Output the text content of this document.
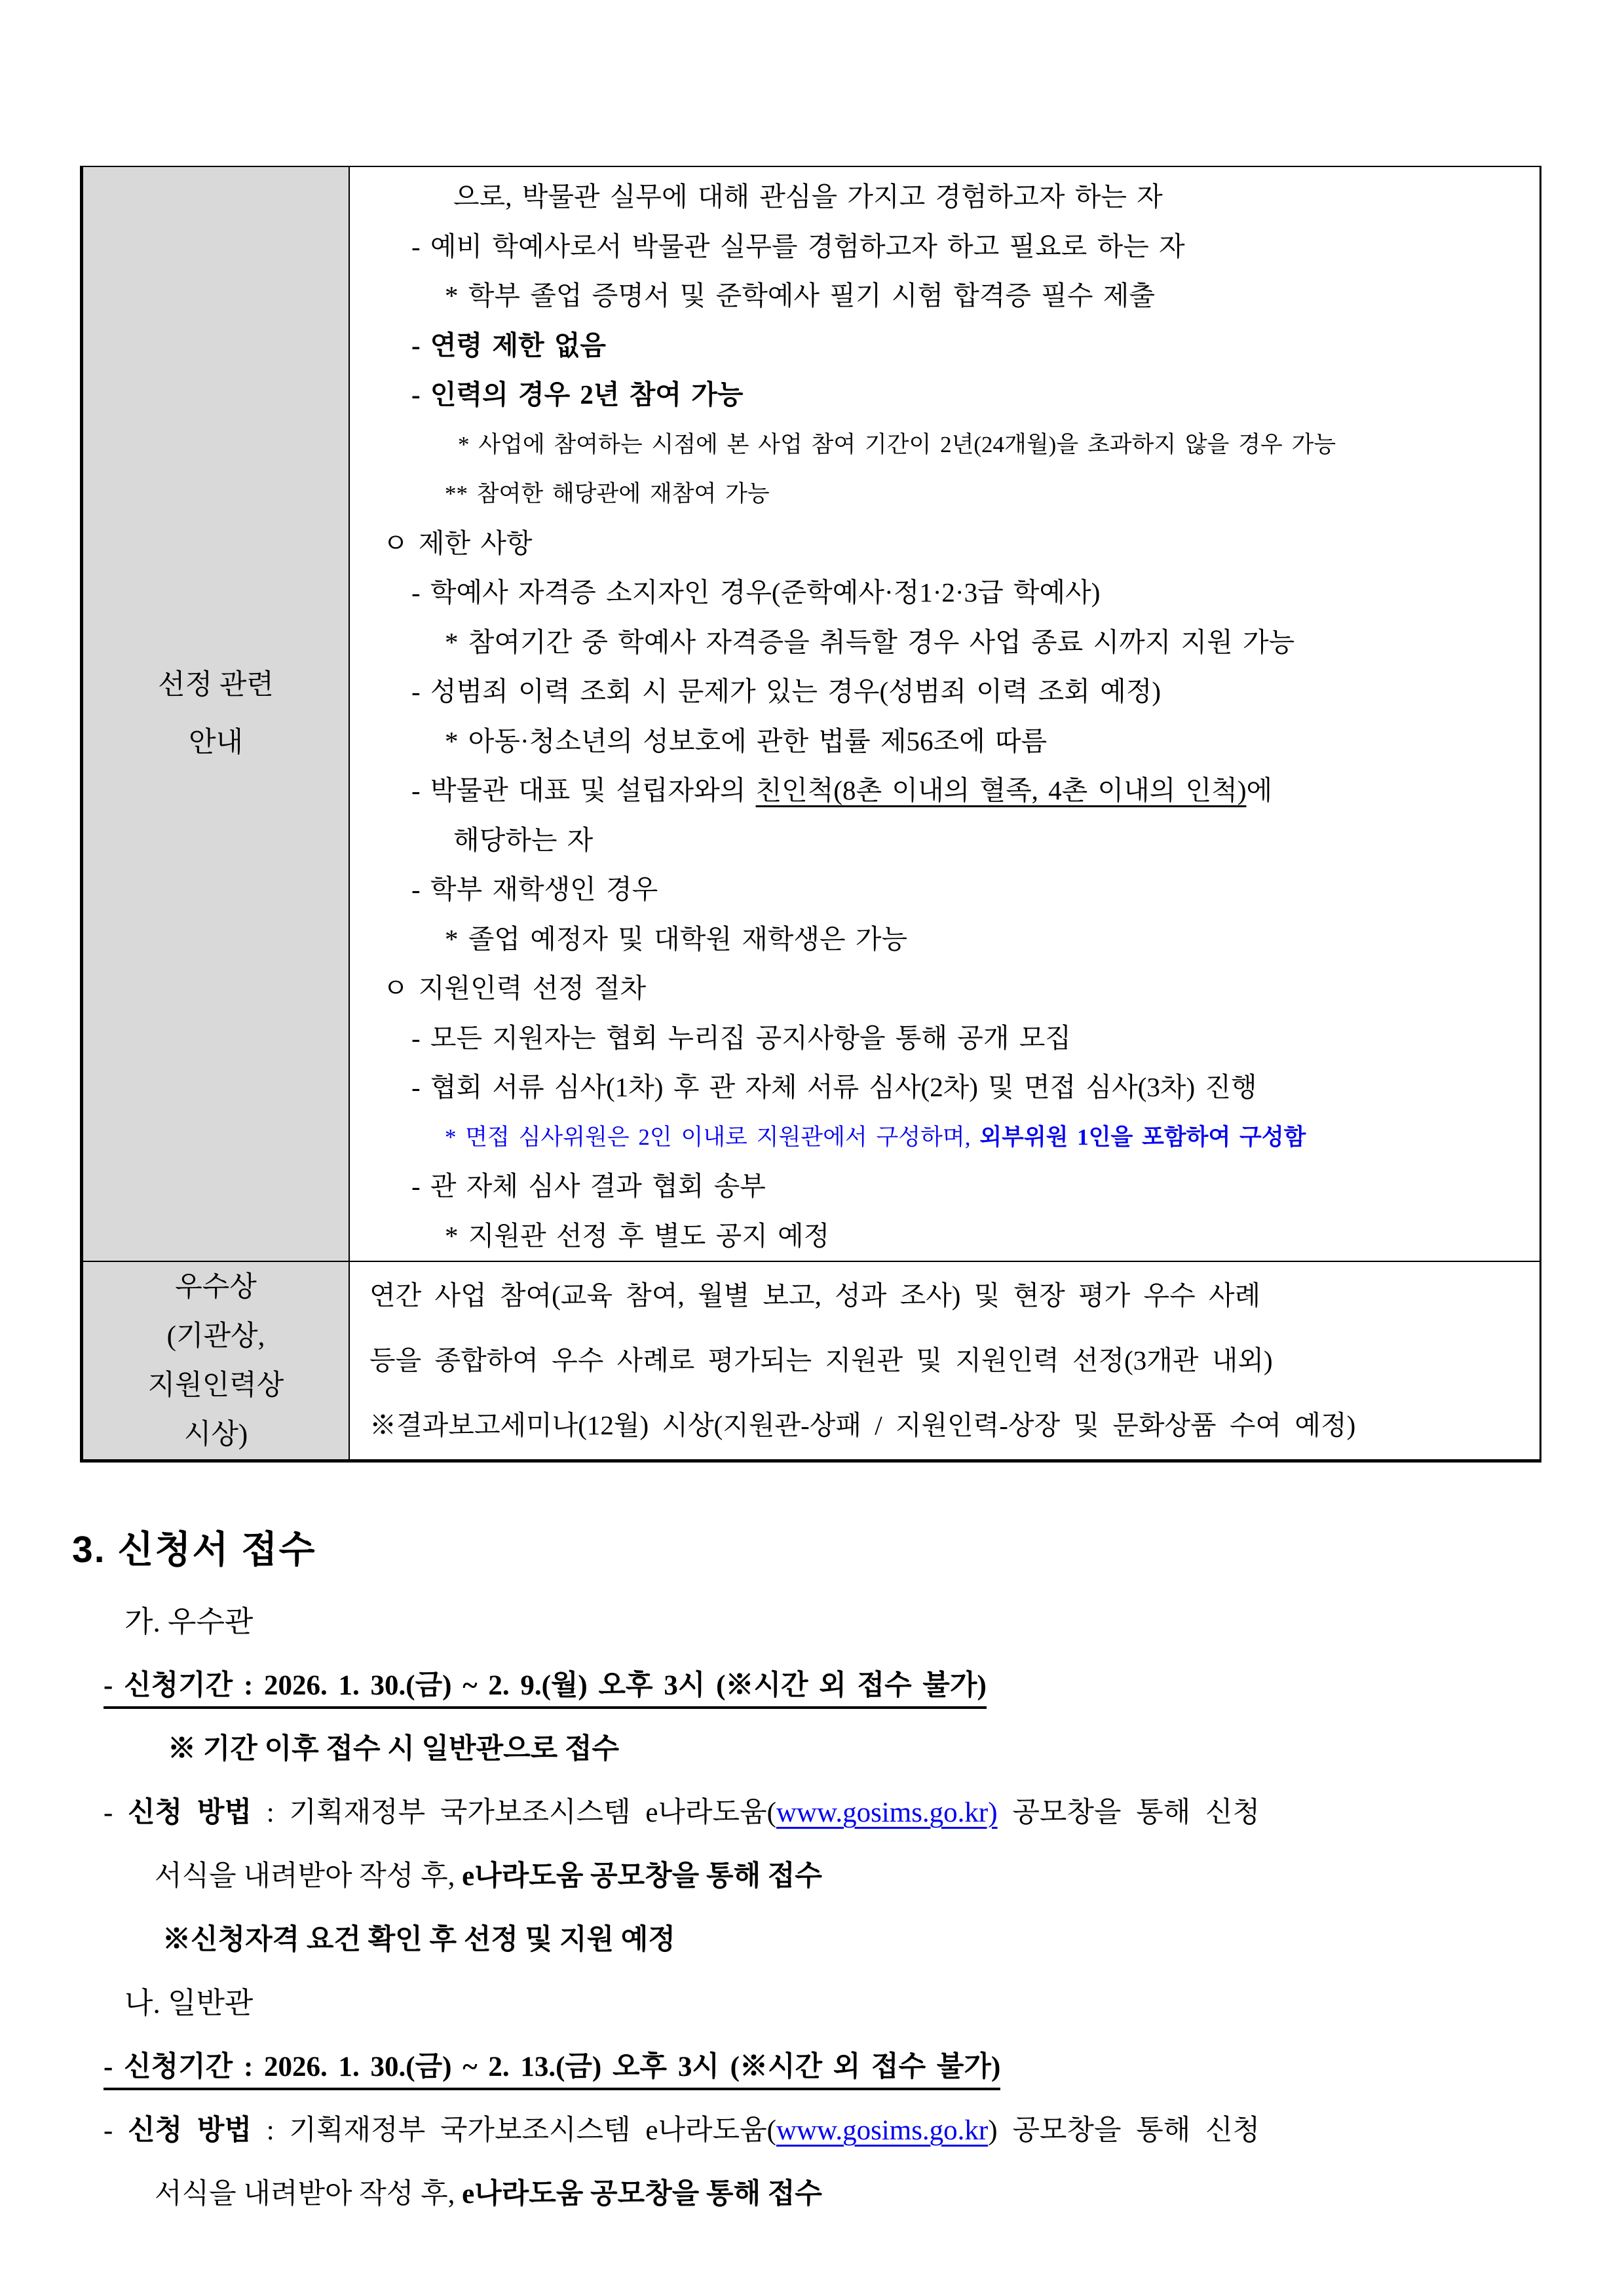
선정 관련
안내
으로, 박물관 실무에 대해 관심을 가지고 경험하고자 하는 자
- 예비 학예사로서 박물관 실무를 경험하고자 하고 필요로 하는 자
* 학부 졸업 증명서 및 준학예사 필기 시험 합격증 필수 제출
- 연령 제한 없음
- 인력의 경우 2년 참여 가능
* 사업에 참여하는 시점에 본 사업 참여 기간이 2년(24개월)을 초과하지 않을 경우 가능
** 참여한 해당관에 재참여 가능
ㅇ 제한 사항
- 학예사 자격증 소지자인 경우(준학예사·정1·2·3급 학예사)
* 참여기간 중 학예사 자격증을 취득할 경우 사업 종료 시까지 지원 가능
- 성범죄 이력 조회 시 문제가 있는 경우(성범죄 이력 조회 예정)
* 아동·청소년의 성보호에 관한 법률 제56조에 따름
- 박물관 대표 및 설립자와의 친인척(8촌 이내의 혈족, 4촌 이내의 인척)에
해당하는 자
- 학부 재학생인 경우
* 졸업 예정자 및 대학원 재학생은 가능
ㅇ 지원인력 선정 절차
- 모든 지원자는 협회 누리집 공지사항을 통해 공개 모집
- 협회 서류 심사(1차) 후 관 자체 서류 심사(2차) 및 면접 심사(3차) 진행
* 면접 심사위원은 2인 이내로 지원관에서 구성하며, 외부위원 1인을 포함하여 구성함
- 관 자체 심사 결과 협회 송부
* 지원관 선정 후 별도 공지 예정
우수상
(기관상,
지원인력상
시상)
연간 사업 참여(교육 참여, 월별 보고, 성과 조사) 및 현장 평가 우수 사례
등을 종합하여 우수 사례로 평가되는 지원관 및 지원인력 선정(3개관 내외)
※결과보고세미나(12월) 시상(지원관-상패 / 지원인력-상장 및 문화상품 수여 예정)
3. 신청서 접수
가. 우수관
- 신청기간 : 2026. 1. 30.(금) ~ 2. 9.(월) 오후 3시 (※시간 외 접수 불가)
※ 기간 이후 접수 시 일반관으로 접수
- 신청 방법 : 기획재정부 국가보조시스템 e나라도움(www.gosims.go.kr) 공모창을 통해 신청
서식을 내려받아 작성 후, e나라도움 공모창을 통해 접수
※신청자격 요건 확인 후 선정 및 지원 예정
나. 일반관
- 신청기간 : 2026. 1. 30.(금) ~ 2. 13.(금) 오후 3시 (※시간 외 접수 불가)
- 신청 방법 : 기획재정부 국가보조시스템 e나라도움(www.gosims.go.kr) 공모창을 통해 신청
서식을 내려받아 작성 후, e나라도움 공모창을 통해 접수
